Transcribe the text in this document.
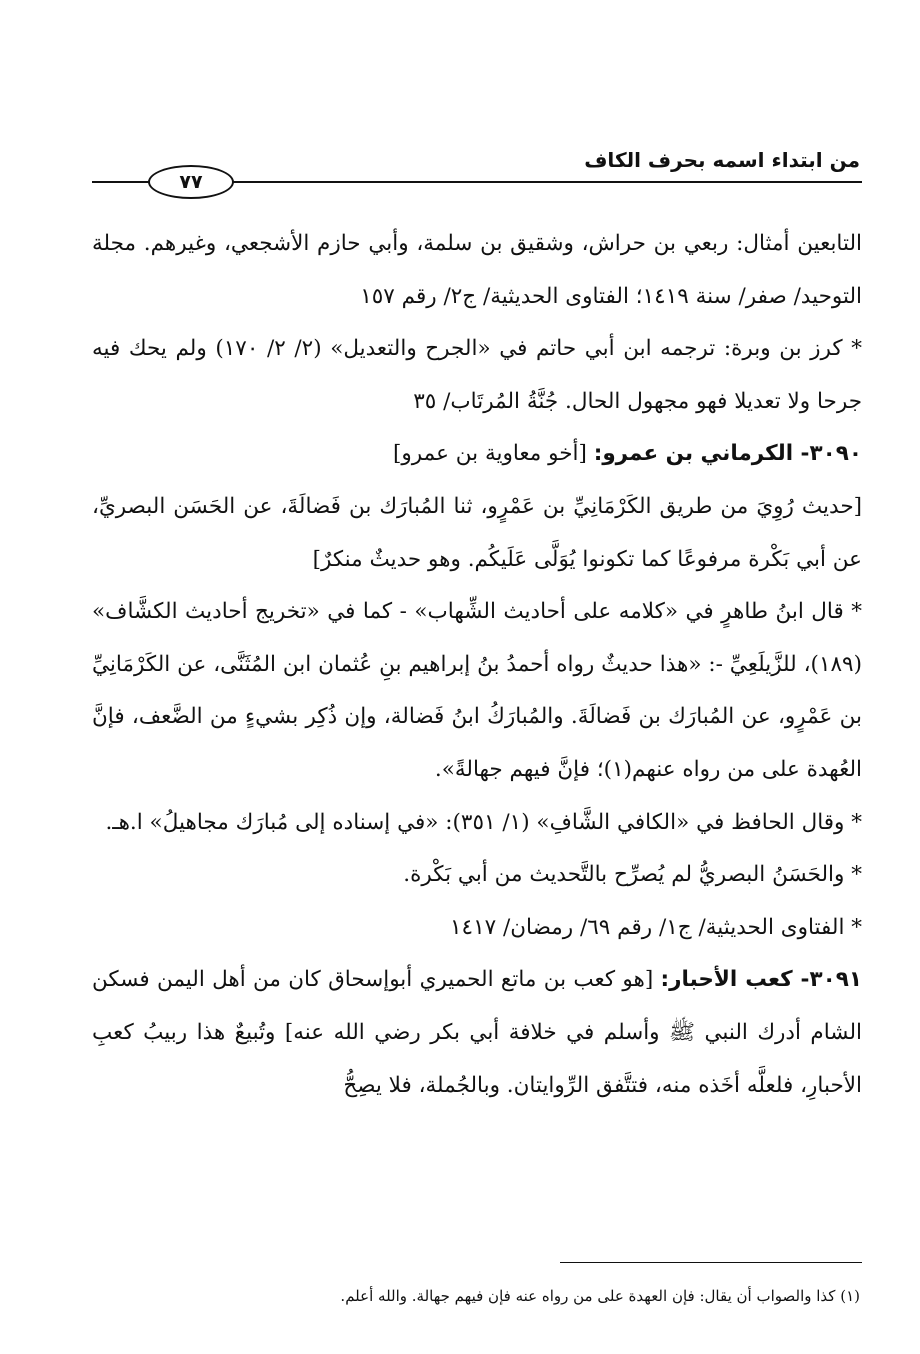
من ابتداء اسمه بحرف الكاف
٧٧

التابعين أمثال: ربعي بن حراش، وشقيق بن سلمة، وأبي حازم الأشجعي، وغيرهم. مجلة التوحيد/ صفر/ سنة ١٤١٩؛ الفتاوى الحديثية/ ج٢/ رقم ١٥٧

* كرز بن وبرة: ترجمه ابن أبي حاتم في «الجرح والتعديل» (٢/ ٢/ ١٧٠) ولم يحك فيه جرحا ولا تعديلا فهو مجهول الحال. جُنَّةُ المُرتَاب/ ٣٥

٣٠٩٠- الكرماني بن عمرو: [أخو معاوية بن عمرو]

[حديث رُوِيَ من طريق الكَرْمَانِيِّ بن عَمْرٍو، ثنا المُبارَك بن فَضالَةَ، عن الحَسَن البصريِّ، عن أبي بَكْرة مرفوعًا كما تكونوا يُوَلَّى عَلَيكُم. وهو حديثٌ منكرٌ]

* قال ابنُ طاهرٍ في «كلامه على أحاديث الشِّهاب» - كما في «تخريج أحاديث الكشَّاف» (١٨٩)، للزَّيلَعِيِّ -: «هذا حديثٌ رواه أحمدُ بنُ إبراهيم بنِ عُثمان ابن المُثَنَّى، عن الكَرْمَانِيِّ بن عَمْرٍو، عن المُبارَك بن فَضالَةَ. والمُبارَكُ ابنُ فَضالة، وإن ذُكِر بشيءٍ من الضَّعف، فإنَّ العُهدة على من رواه عنهم(١)؛ فإنَّ فيهم جهالةً».

* وقال الحافظ في «الكافي الشَّافِ» (١/ ٣٥١): «في إسناده إلى مُبارَك مجاهيلُ» ا.هـ.

* والحَسَنُ البصريُّ لم يُصرِّح بالتَّحديث من أبي بَكْرة.

* الفتاوى الحديثية/ ج١/ رقم ٦٩/ رمضان/ ١٤١٧

٣٠٩١- كعب الأحبار: [هو كعب بن ماتع الحميري أبوإسحاق كان من أهل اليمن فسكن الشام أدرك النبي ﷺ وأسلم في خلافة أبي بكر رضي الله عنه] وتُبيعٌ هذا ربيبُ كعبِ الأحبارِ، فلعلَّه أخَذه منه، فتتَّفق الرِّوايتان. وبالجُملة، فلا يصِحُّ

(١) كذا والصواب أن يقال: فإن العهدة على من رواه عنه فإن فيهم جهالة. والله أعلم.
